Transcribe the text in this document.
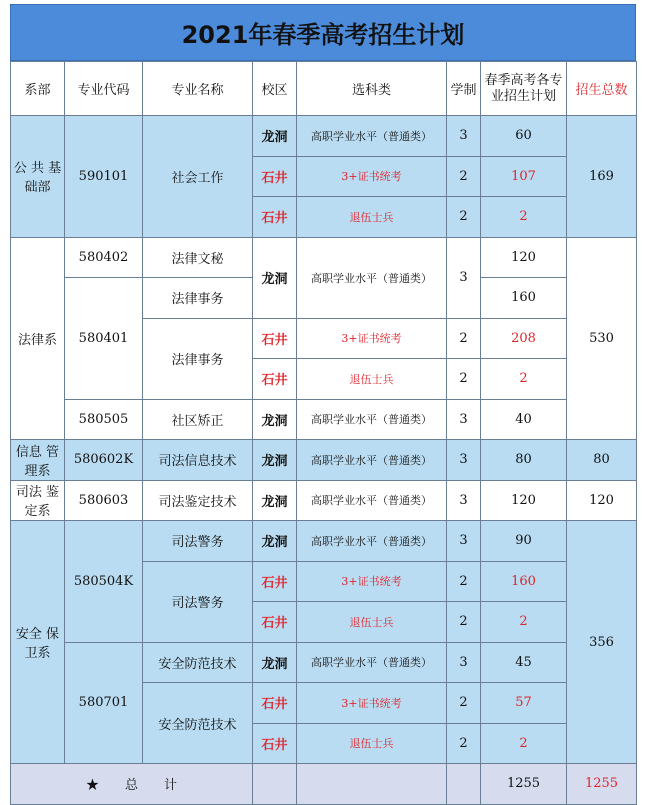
2021年春季高考招生计划
系部	专业代码	专业名称	校区	选科类	学制	春季高考各专业招生计划	招生总数
公 共 基础部	590101	社会工作	龙洞	高职学业水平（普通类）	3	60	169
			石井	3+证书统考	2	107	
			石井	退伍士兵	2	2	
法律系	580402	法律文秘	龙洞	高职学业水平（普通类）	3	120	530
	580401	法律事务				160	
		法律事务	石井	3+证书统考	2	208	
			石井	退伍士兵	2	2	
	580505	社区矫正	龙洞	高职学业水平（普通类）	3	40	
信息 管理系	580602K	司法信息技术	龙洞	高职学业水平（普通类）	3	80	80
司法 鉴定系	580603	司法鉴定技术	龙洞	高职学业水平（普通类）	3	120	120
安全 保卫系	580504K	司法警务	龙洞	高职学业水平（普通类）	3	90	356
		司法警务	石井	3+证书统考	2	160	
			石井	退伍士兵	2	2	
	580701	安全防范技术	龙洞	高职学业水平（普通类）	3	45	
		安全防范技术	石井	3+证书统考	2	57	
			石井	退伍士兵	2	2	
★　　总　　计						1255	1255
